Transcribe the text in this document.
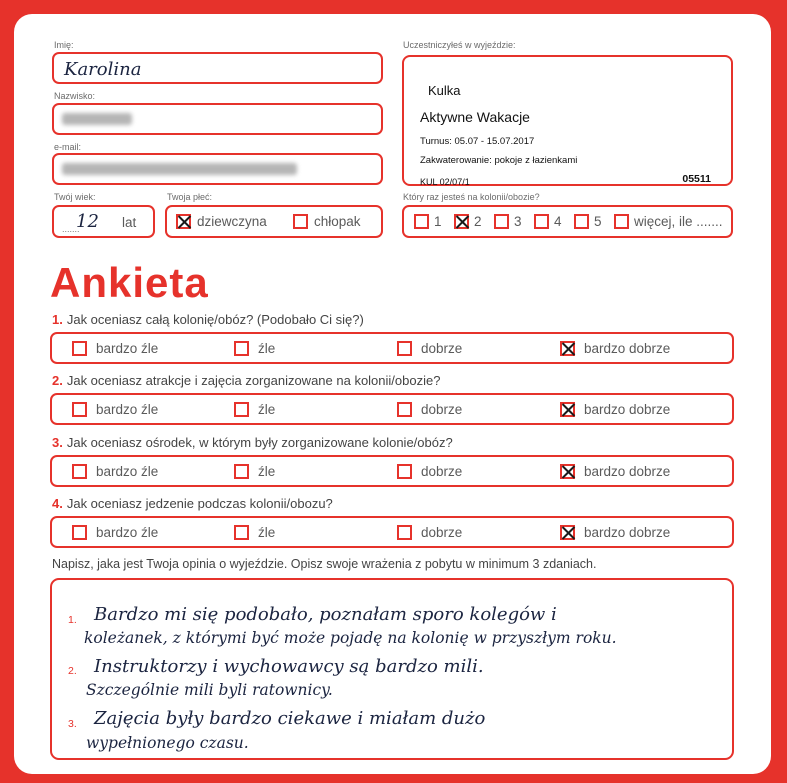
Imię:
Karolina
Nazwisko:
e-mail:
Twój wiek:
.......
12 lat
Twoja płeć:
dziewczyna	chłopak
Uczestniczyłeś w wyjeździe:
Kulka
Aktywne Wakacje
Turnus: 05.07 - 15.07.2017
Zakwaterowanie: pokoje z łazienkami
KUL 02/07/1	05511
Który raz jesteś na kolonii/obozie?
1 2 3 4 5 więcej, ile .......
Ankieta
1. Jak oceniasz całą kolonię/obóz? (Podobało Ci się?)
bardzo źle	źle	dobrze	bardzo dobrze
2. Jak oceniasz atrakcje i zajęcia zorganizowane na kolonii/obozie?
bardzo źle	źle	dobrze	bardzo dobrze
3. Jak oceniasz ośrodek, w którym były zorganizowane kolonie/obóz?
bardzo źle	źle	dobrze	bardzo dobrze
4. Jak oceniasz jedzenie podczas kolonii/obozu?
bardzo źle	źle	dobrze	bardzo dobrze
Napisz, jaka jest Twoja opinia o wyjeździe. Opisz swoje wrażenia z pobytu w minimum 3 zdaniach.
1.
2.
3.
Bardzo mi się podobało, poznałam sporo kolegów i
koleżanek, z którymi być może pojadę na kolonię w przyszłym roku.
Instruktorzy i wychowawcy są bardzo mili.
Szczególnie mili byli ratownicy.
Zajęcia były bardzo ciekawe i miałam dużo
wypełnionego czasu.
